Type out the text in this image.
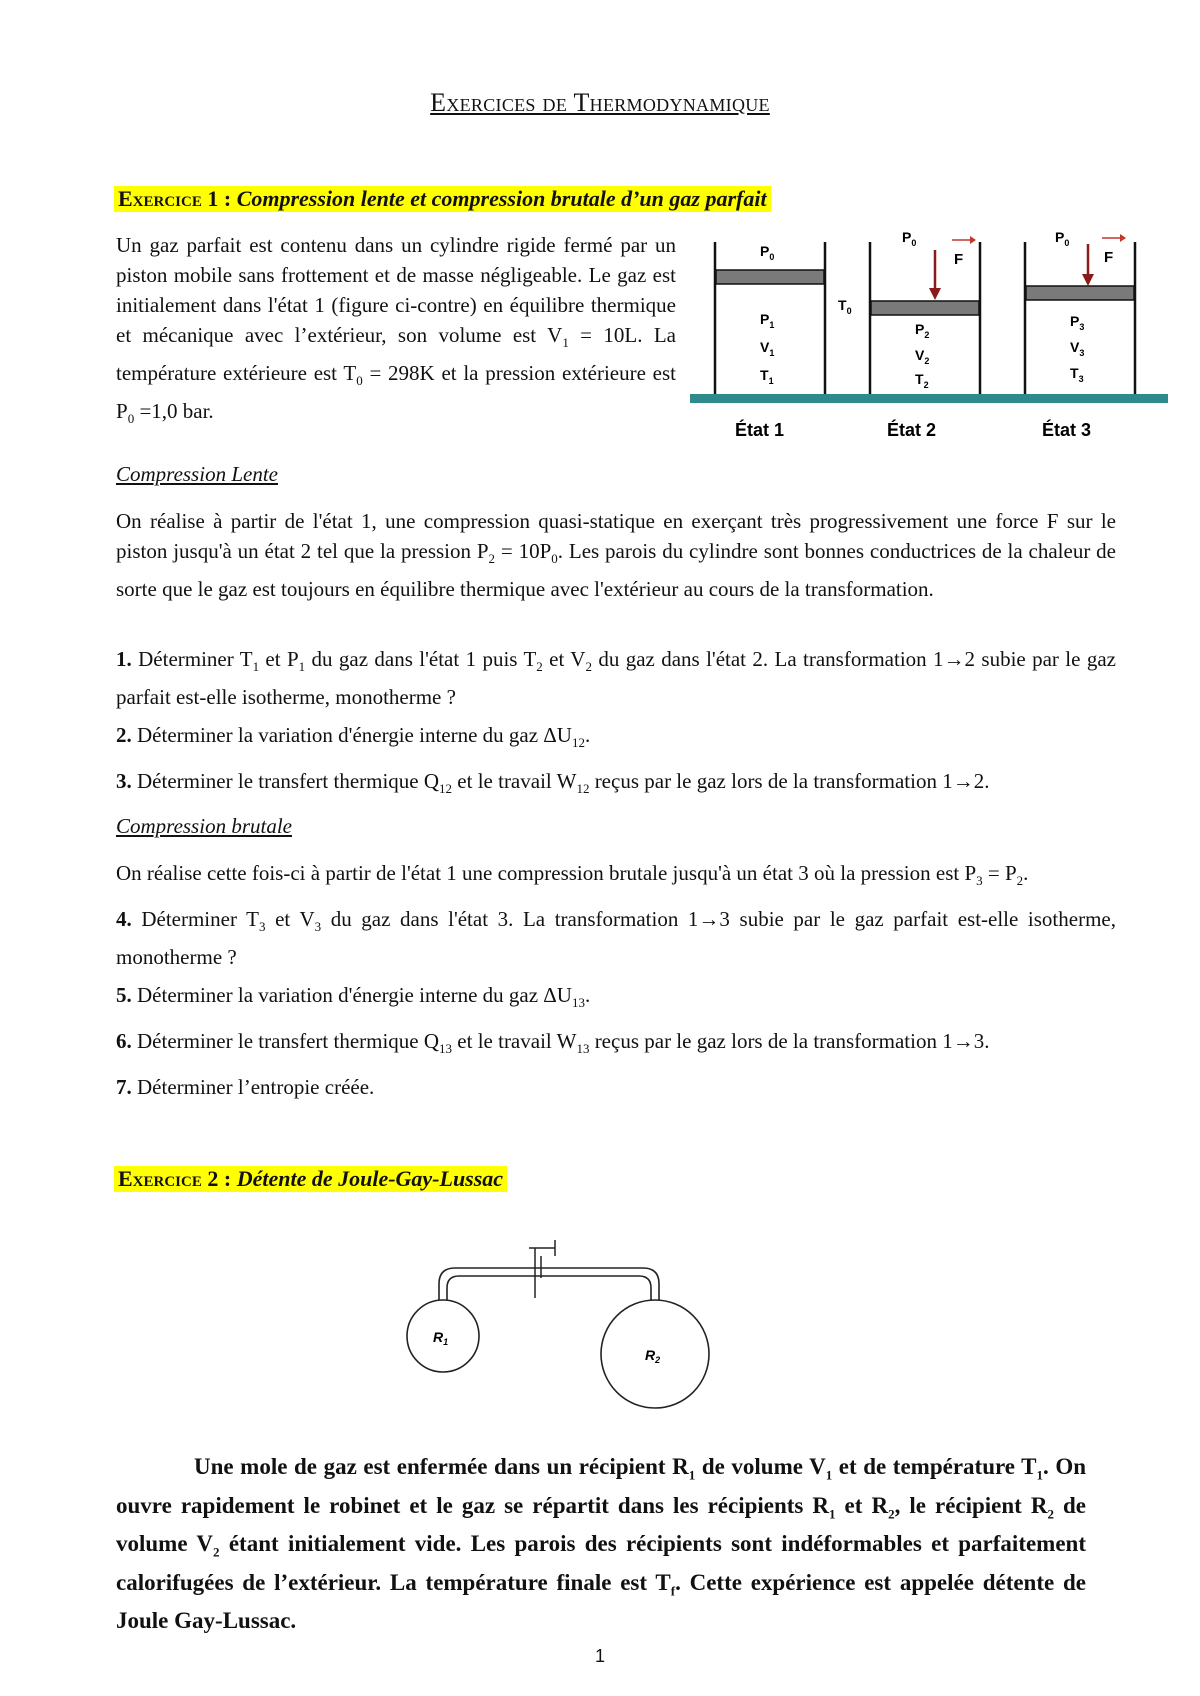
Exercices de Thermodynamique
Exercice 1 : Compression lente et compression brutale d’un gaz parfait
Un gaz parfait est contenu dans un cylindre rigide fermé par un piston mobile sans frottement et de masse négligeable. Le gaz est initialement dans l'état 1 (figure ci-contre) en équilibre thermique et mécanique avec l’extérieur, son volume est $V_1 = 10L$. La température extérieure est $T_0 = 298K$ et la pression extérieure est $P_0 =1,0$ bar.
$P_0$
$P_1$
$V_1$
$T_1$
État 1
$T_0$
$P_0$
F
$P_2$
$V_2$
$T_2$
État 2
$P_0$
F
$P_3$
$V_3$
$T_3$
État 3
Compression Lente
On réalise à partir de l'état 1, une compression quasi-statique en exerçant très progressivement une force F sur le piston jusqu'à un état 2 tel que la pression $P_2 = 10P_0$. Les parois du cylindre sont bonnes conductrices de la chaleur de sorte que le gaz est toujours en équilibre thermique avec l'extérieur au cours de la transformation.
1. Déterminer $T_1$ et $P_1$ du gaz dans l'état 1 puis $T_2$ et $V_2$ du gaz dans l'état 2. La transformation 1→2 subie par le gaz parfait est-elle isotherme, monotherme ?
2. Déterminer la variation d'énergie interne du gaz $\Delta U_{12}$.
3. Déterminer le transfert thermique $Q_{12}$ et le travail $W_{12}$ reçus par le gaz lors de la transformation 1→2.
Compression brutale
On réalise cette fois-ci à partir de l'état 1 une compression brutale jusqu'à un état 3 où la pression est $P_3 = P_2$.
4. Déterminer $T_3$ et $V_3$ du gaz dans l'état 3. La transformation 1→3 subie par le gaz parfait est-elle isotherme, monotherme ?
5. Déterminer la variation d'énergie interne du gaz $\Delta U_{13}$.
6. Déterminer le transfert thermique $Q_{13}$ et le travail $W_{13}$ reçus par le gaz lors de la transformation 1→3.
7. Déterminer l’entropie créée.
Exercice 2 : Détente de Joule-Gay-Lussac
$R_1$
$R_2$
Une mole de gaz est enfermée dans un récipient $R_1$ de volume $V_1$ et de température $T_1$. On ouvre rapidement le robinet et le gaz se répartit dans les récipients $R_1$ et $R_2$, le récipient $R_2$ de volume $V_2$ étant initialement vide. Les parois des récipients sont indéformables et parfaitement calorifugées de l’extérieur. La température finale est $T_f$. Cette expérience est appelée détente de Joule Gay-Lussac.
1
